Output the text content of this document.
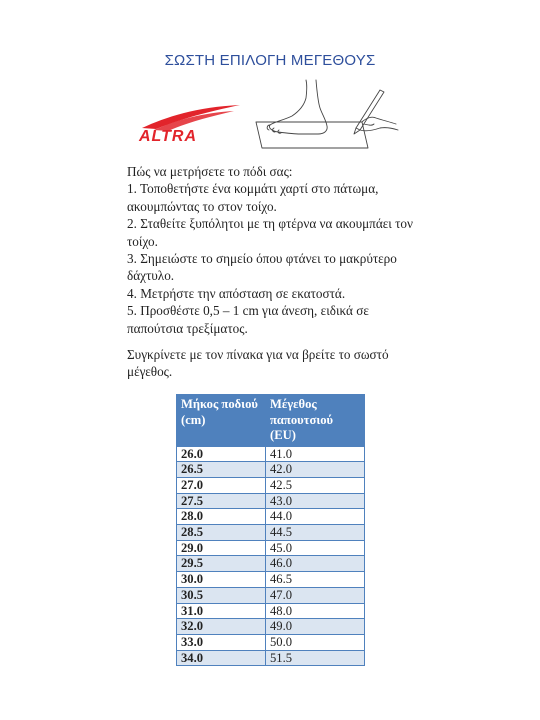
ΣΩΣΤΗ ΕΠΙΛΟΓΗ ΜΕΓΕΘΟΥΣ
ALTRA

Πώς να μετρήσετε το πόδι σας:

1. Τοποθετήστε ένα κομμάτι χαρτί στο πάτωμα, ακουμπώντας το στον τοίχο.

2. Σταθείτε ξυπόλητοι με τη φτέρνα να ακουμπάει τον τοίχο.

3. Σημειώστε το σημείο όπου φτάνει το μακρύτερο δάχτυλο.

4. Μετρήστε την απόσταση σε εκατοστά.

5. Προσθέστε 0,5 – 1 cm για άνεση, ειδικά σε παπούτσια τρεξίματος.

Συγκρίνετε με τον πίνακα για να βρείτε το σωστό μέγεθος.
Μήκος ποδιού (cm)	Μέγεθος παπουτσιού (EU)
26.0	41.0
26.5	42.0
27.0	42.5
27.5	43.0
28.0	44.0
28.5	44.5
29.0	45.0
29.5	46.0
30.0	46.5
30.5	47.0
31.0	48.0
32.0	49.0
33.0	50.0
34.0	51.5
